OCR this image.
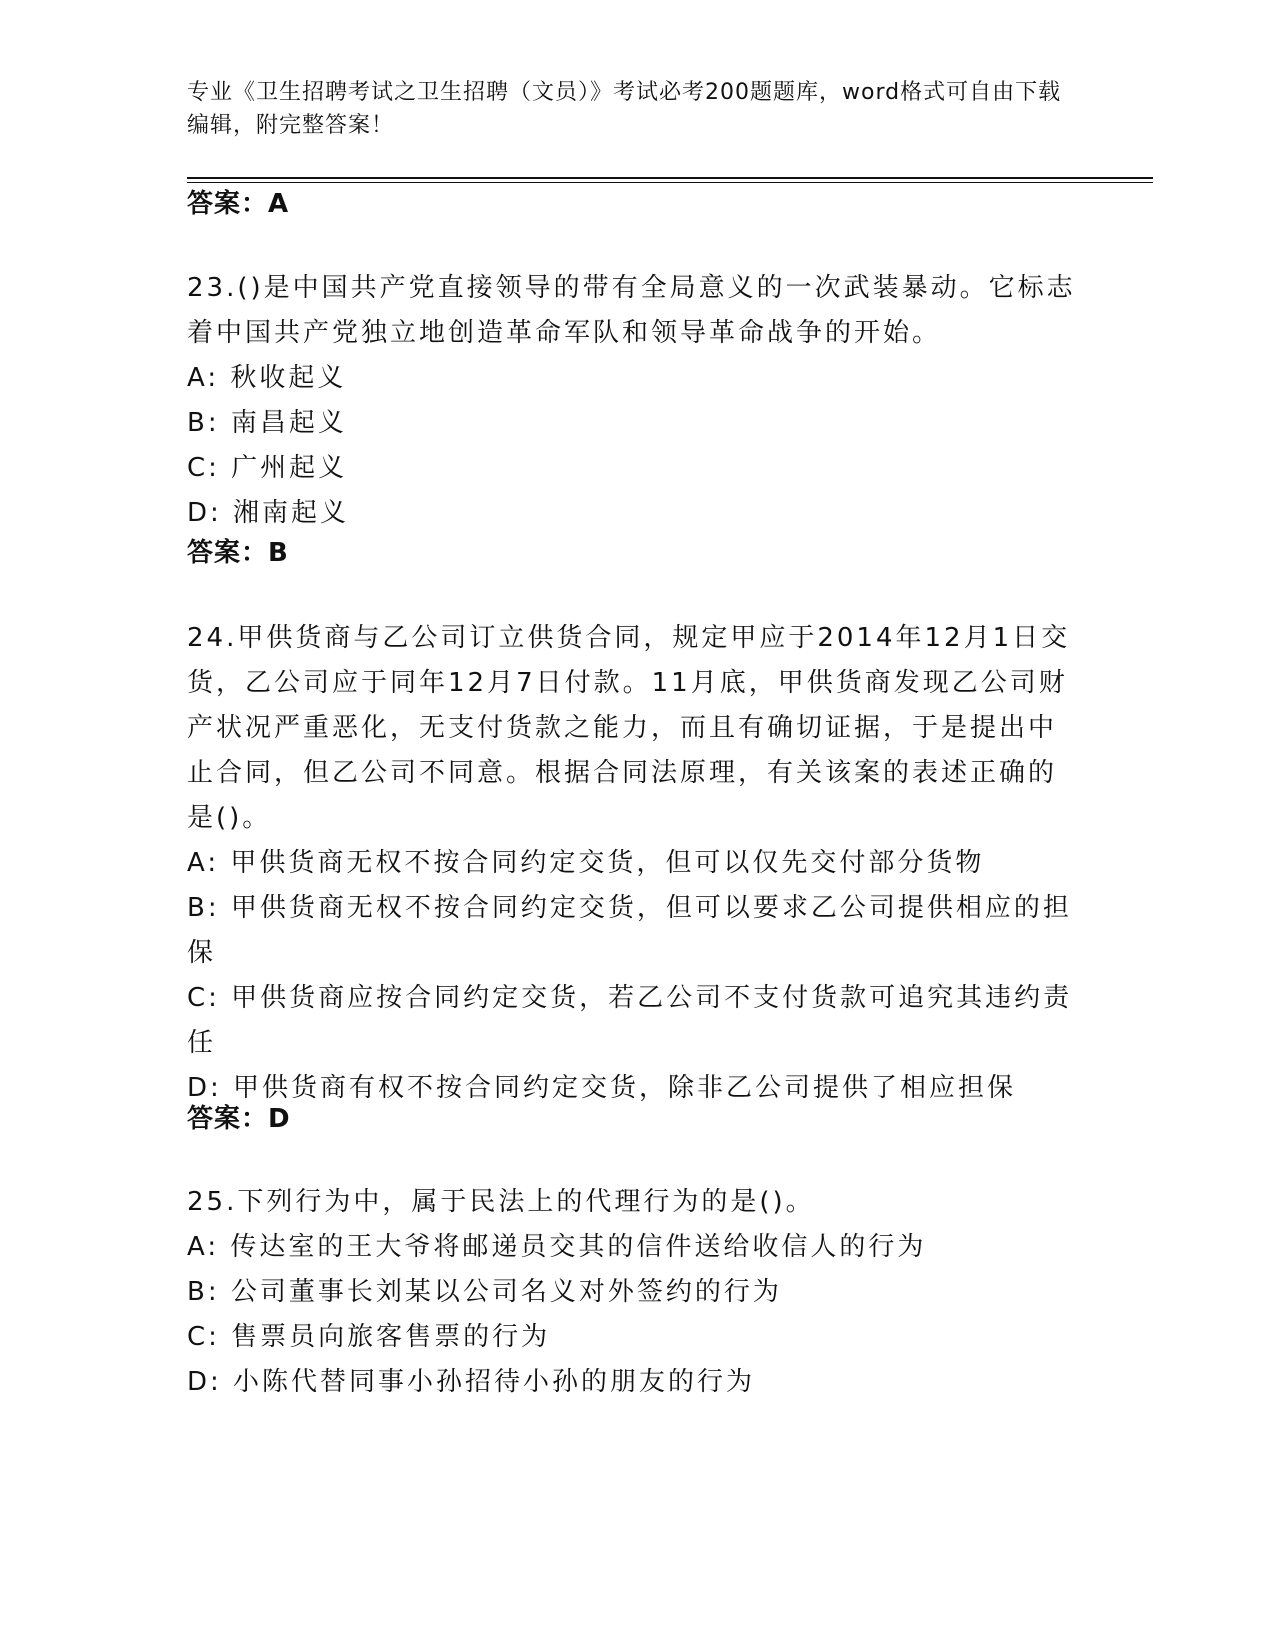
专业《卫生招聘考试之卫生招聘（文员）》考试必考200题题库，word格式可自由下载编辑，附完整答案！
答案：A

23.()是中国共产党直接领导的带有全局意义的一次武装暴动。它标志着中国共产党独立地创造革命军队和领导革命战争的开始。

A: 秋收起义

B: 南昌起义

C: 广州起义

D: 湘南起义

答案：B

24.甲供货商与乙公司订立供货合同，规定甲应于2014年12月1日交货，乙公司应于同年12月7日付款。11月底，甲供货商发现乙公司财产状况严重恶化，无支付货款之能力，而且有确切证据，于是提出中止合同，但乙公司不同意。根据合同法原理，有关该案的表述正确的是()。

A: 甲供货商无权不按合同约定交货，但可以仅先交付部分货物

B: 甲供货商无权不按合同约定交货，但可以要求乙公司提供相应的担保

C: 甲供货商应按合同约定交货，若乙公司不支付货款可追究其违约责任

D: 甲供货商有权不按合同约定交货，除非乙公司提供了相应担保

答案：D

25.下列行为中，属于民法上的代理行为的是()。

A: 传达室的王大爷将邮递员交其的信件送给收信人的行为

B: 公司董事长刘某以公司名义对外签约的行为

C: 售票员向旅客售票的行为

D: 小陈代替同事小孙招待小孙的朋友的行为
